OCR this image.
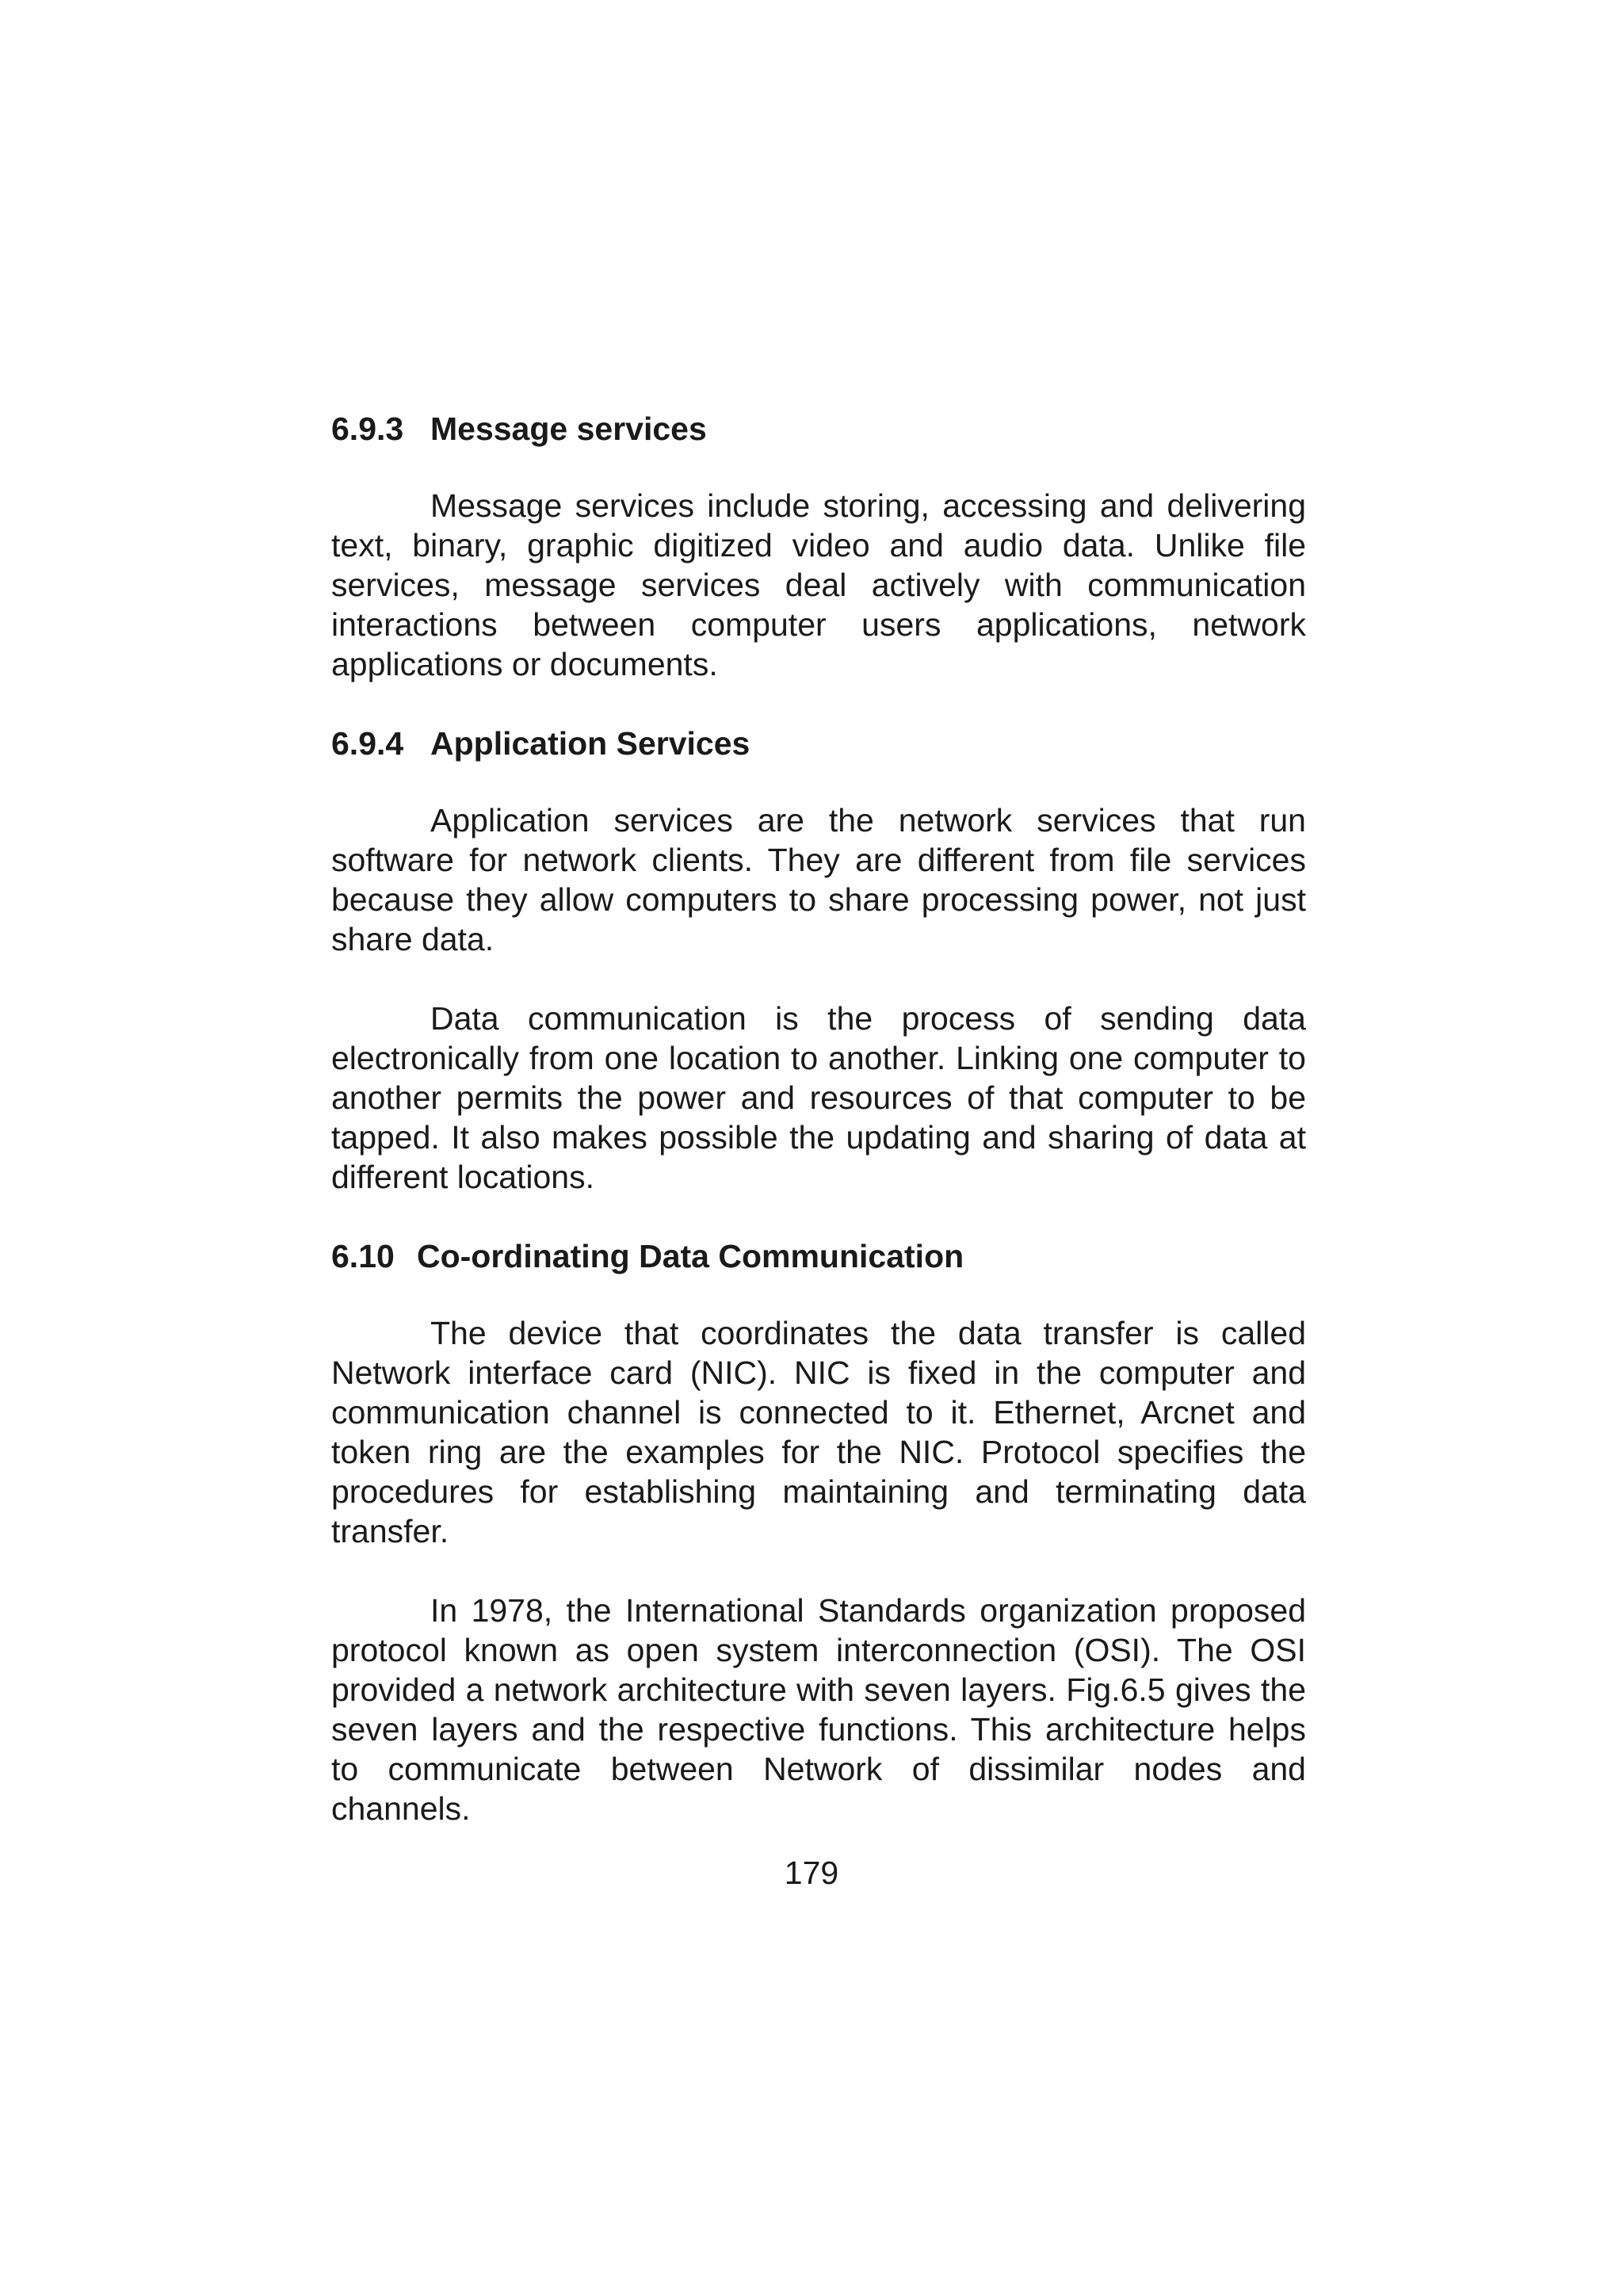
6.9.3 Message services

Message services include storing, accessing and delivering text, binary, graphic digitized video and audio data. Unlike file services, message services deal actively with communication interactions between computer users applications, network applications or documents.

6.9.4 Application Services

Application services are the network services that run software for network clients. They are different from file services because they allow computers to share processing power, not just share data.

Data communication is the process of sending data electronically from one location to another. Linking one computer to another permits the power and resources of that computer to be tapped. It also makes possible the updating and sharing of data at different locations.

6.10 Co-ordinating Data Communication

The device that coordinates the data transfer is called Network interface card (NIC). NIC is fixed in the computer and communication channel is connected to it. Ethernet, Arcnet and token ring are the examples for the NIC. Protocol specifies the procedures for establishing maintaining and terminating data transfer.

In 1978, the International Standards organization proposed protocol known as open system interconnection (OSI). The OSI provided a network architecture with seven layers. Fig.6.5 gives the seven layers and the respective functions. This architecture helps to communicate between Network of dissimilar nodes and channels.

179
